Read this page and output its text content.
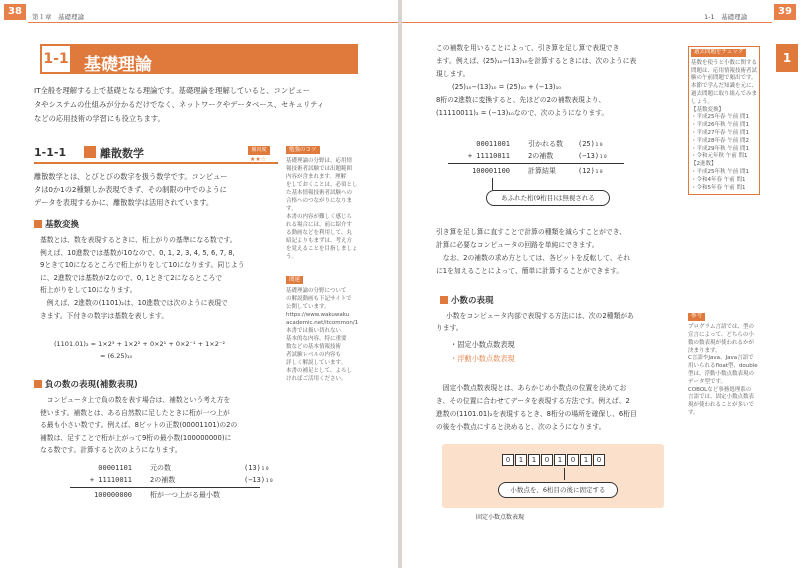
38	第１章　基礎理論
1-1 基礎理論
IT全般を理解する上で基礎となる理論です。基礎理論を理解していると、コンピュー
タやシステムの仕組みが分かるだけでなく、ネットワークやデータベース、セキュリティ
などの応用技術の学習にも役立ちます。
1-1-1	離散数学	頻出度
★★☆
離散数学とは、とびとびの数字を扱う数学です。コンピュー
タは0か1の2種類しか表現できず、その制限の中でのように
データを表現するかに、離散数学は活用されています。
基数変換
基数とは、数を表現するときに、桁上がりの基準になる数です。
例えば、10進数では基数が10なので、0, 1, 2, 3, 4, 5, 6, 7, 8,
9ときて10になるところで桁上がりをして10になります。同じよう
に、2進数では基数が2なので、0, 1ときて2になるところで
桁上がりをして10になります。
　例えば、2進数の(1101)₂は、10進数では次のように表現で
きます。下付きの数字は基数を表します。
(1101.01)₂ = 1×2³ + 1×2² + 0×2¹ + 0×2⁻¹ + 1×2⁻²
= (6.25)₁₀
負の数の表現(補数表現)
　コンピュータ上で負の数を表す場合は、補数という考え方を
使います。補数とは、ある自然数に足したときに桁が一つ上が
る最も小さい数です。例えば、8ビットの正数(00001101)の2の
補数は、足すことで桁が上がって9桁の最小数(100000000)に
なる数です。計算すると次のようになります。
00001101	元の数	(13)₁₀
+ 11110011	2の補数	(−13)₁₀
100000000	桁が一つ上がる最小数
勉強のコツ
基礎理論の分野は、応用情
報技術者試験では出題範囲
内容が含まれます。理解
をしておくことは、必須とし
た基本情報技術者試験への
合格へのつながりになりま
す。
本書の内容が難しく感じら
れる場合には、前に紹介す
る動画などを利用して、丸
暗記よりもまずは、考え方
を覚えることを目指しましょう。
関連
基礎理論の分野について
の解説動画も下記サイトで
公開しています。
https://www.wakuwaku
academic.net/itcommon/1
本書では扱い切れない
基本的な内容、特に重要
数などの基本情報技術
者試験レベルの内容も
詳しく解説しています。
本書の補足として、よろし
ければご活用ください。
39
1-1　基礎理論
1
この補数を用いることによって、引き算を足し算で表現でき
ます。例えば、(25)₁₀−(13)₁₀を計算するときには、次のように表
現します。
(25)₁₀−(13)₁₀ = (25)₁₀ + (−13)₁₀
8桁の2進数に変換すると、先ほどの2の補数表現より、
(11110011)₂ = (−13)₁₀なので、次のようになります。
00011001	引かれる数 (25)₁₀
+ 11110011	2の補数	(−13)₁₀
100001100	計算結果	(12)₁₀
あふれた桁(9桁目)は無視される
引き算を足し算に直すことで計算の種類を減らすことができ、
計算に必要なコンピュータの回路を単純にできます。
　なお、2の補数の求め方としては、各ビットを反転して、それ
に1を加えることによって、簡単に計算することができます。
小数の表現
小数をコンピュータ内部で表現する方法には、次の2種類があ
ります。
・固定小数点数表現
・浮動小数点数表現
　固定小数点数表現とは、あらかじめ小数点の位置を決めてお
き、その位置に合わせてデータを表現する方法です。例えば、2
進数の(1101.01)₂を表現するとき、8桁分の場所を確保し、6桁目
の後を小数点にすると決めると、次のようになります。
0	1	1	0	1	0	1	0
小数点を、6桁目の後に固定する
固定小数点数表現
過去問題をチェック
基数を使うと小数に関する
問題は、応用情報技術者試
験の午前問題で頻出です。
本節で学んだ知識を元に、
過去問題に取り組んでみま
しょう。
【基数変換】
・平成25年春 午前 問1
・平成26年秋 午前 問1
・平成27年春 午前 問1
・平成28年春 午前 問2
・平成29年秋 午前 問1
・令和元年秋 午前 問1
【2進数】
・平成25年秋 午前 問1
・令和4年春 午前 問1
・令和5年春 午前 問1
参考
プログラム言語では、型の
宣言によって、どちらの小
数の数表現が使われるかが
決まります。
C言語やJava、Java言語で
用いられるfloat型、double
型は、浮動小数点数表現の
データ型です。
COBOLなど事務処理系の
言語では、固定小数点数表
現が使われることが多いで
す。
